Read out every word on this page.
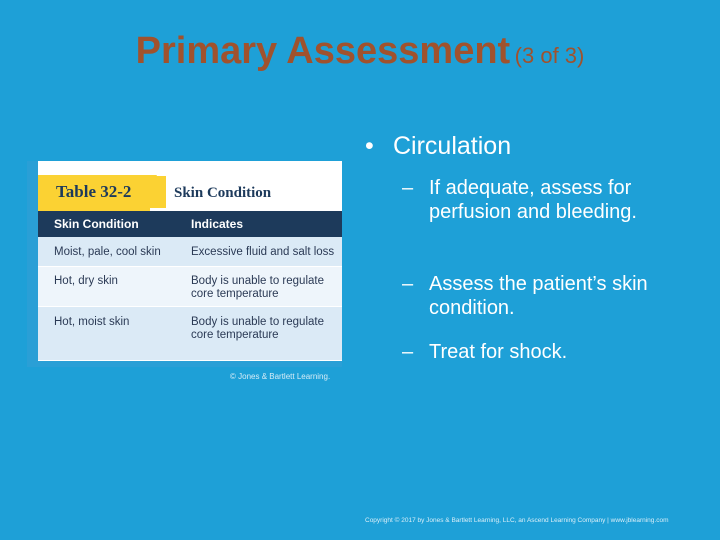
Primary Assessment (3 of 3)
Skin Condition
Table 32-2
Skin Condition	Indicates
Moist, pale, cool skin	Excessive fluid and salt loss
Hot, dry skin	Body is unable to regulate core temperature
Hot, moist skin	Body is unable to regulate core temperature
© Jones & Bartlett Learning.
• Circulation
– If adequate, assess for perfusion and bleeding.
– Assess the patient’s skin condition.
– Treat for shock.
Copyright © 2017 by Jones & Bartlett Learning, LLC, an Ascend Learning Company | www.jblearning.com
